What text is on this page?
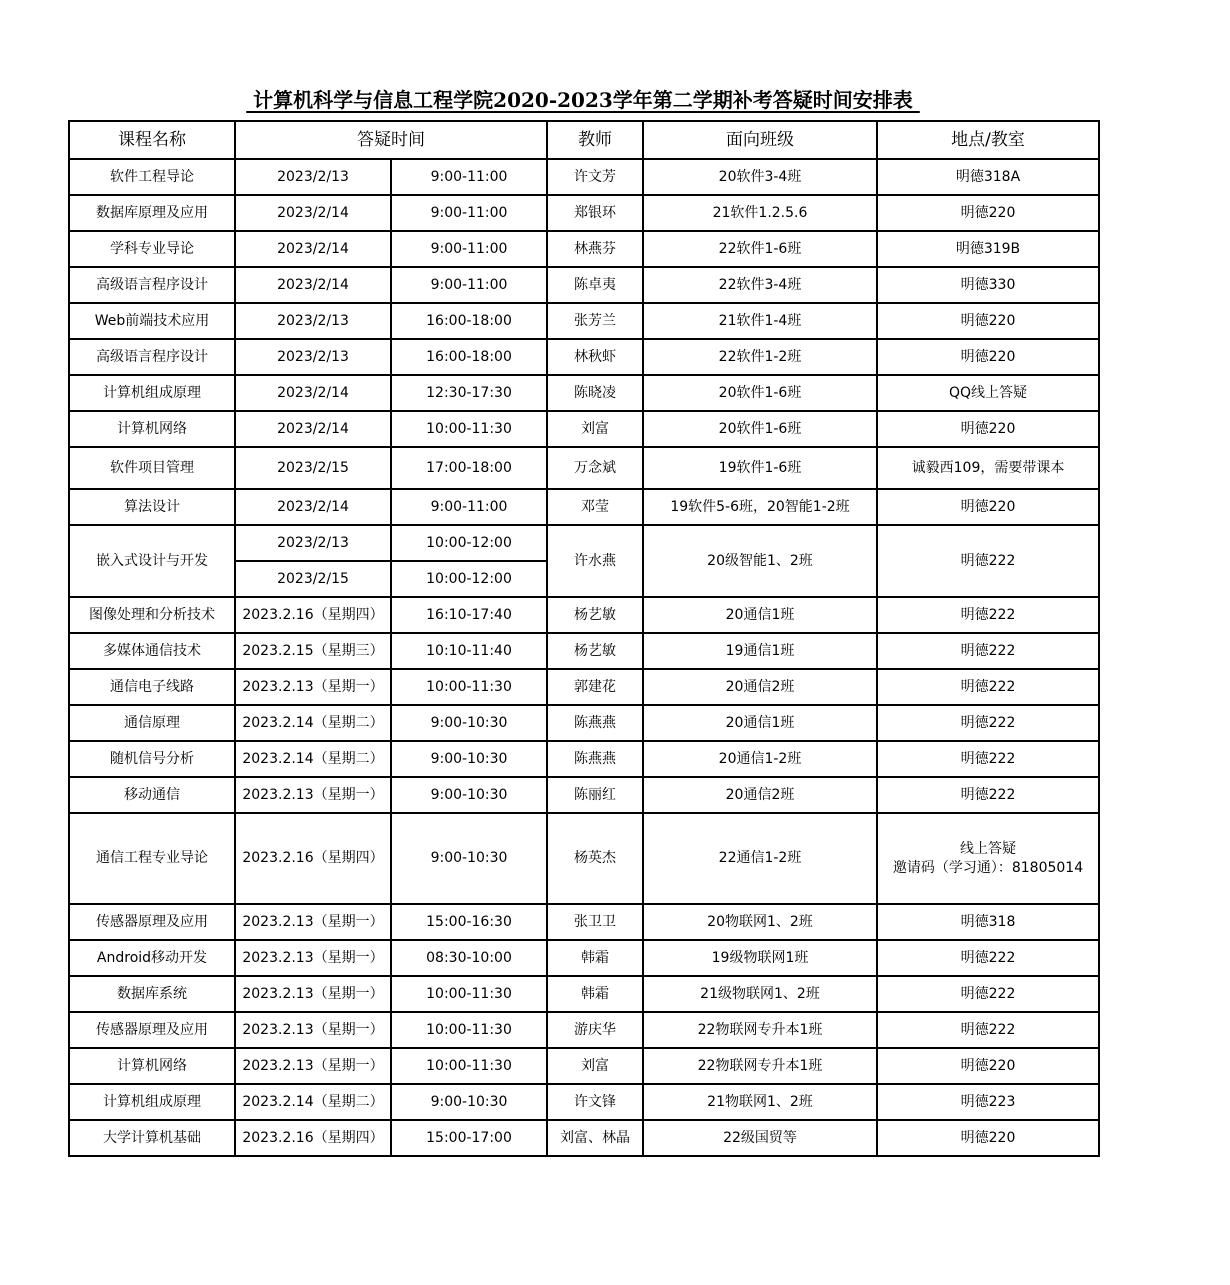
计算机科学与信息工程学院2020-2023学年第二学期补考答疑时间安排表
课程名称	答疑时间		教师	面向班级	地点/教室
软件工程导论	2023/2/13	9:00-11:00	许文芳	20软件3-4班	明德318A
数据库原理及应用	2023/2/14	9:00-11:00	郑银环	21软件1.2.5.6	明德220
学科专业导论	2023/2/14	9:00-11:00	林燕芬	22软件1-6班	明德319B
高级语言程序设计	2023/2/14	9:00-11:00	陈卓夷	22软件3-4班	明德330
Web前端技术应用	2023/2/13	16:00-18:00	张芳兰	21软件1-4班	明德220
高级语言程序设计	2023/2/13	16:00-18:00	林秋虾	22软件1-2班	明德220
计算机组成原理	2023/2/14	12:30-17:30	陈晓凌	20软件1-6班	QQ线上答疑
计算机网络	2023/2/14	10:00-11:30	刘富	20软件1-6班	明德220
软件项目管理	2023/2/15	17:00-18:00	万念斌	19软件1-6班	诚毅西109，需要带课本
算法设计	2023/2/14	9:00-11:00	邓莹	19软件5-6班，20智能1-2班	明德220
嵌入式设计与开发	2023/2/13	10:00-12:00	许水燕	20级智能1、2班	明德222
	2023/2/15	10:00-12:00			
图像处理和分析技术	2023.2.16（星期四）	16:10-17:40	杨艺敏	20通信1班	明德222
多媒体通信技术	2023.2.15（星期三）	10:10-11:40	杨艺敏	19通信1班	明德222
通信电子线路	2023.2.13（星期一）	10:00-11:30	郭建花	20通信2班	明德222
通信原理	2023.2.14（星期二）	9:00-10:30	陈燕燕	20通信1班	明德222
随机信号分析	2023.2.14（星期二）	9:00-10:30	陈燕燕	20通信1-2班	明德222
移动通信	2023.2.13（星期一）	9:00-10:30	陈丽红	20通信2班	明德222
通信工程专业导论	2023.2.16（星期四）	9:00-10:30	杨英杰	22通信1-2班	线上答疑
邀请码（学习通）：81805014
传感器原理及应用	2023.2.13（星期一）	15:00-16:30	张卫卫	20物联网1、2班	明德318
Android移动开发	2023.2.13（星期一）	08:30-10:00	韩霜	19级物联网1班	明德222
数据库系统	2023.2.13（星期一）	10:00-11:30	韩霜	21级物联网1、2班	明德222
传感器原理及应用	2023.2.13（星期一）	10:00-11:30	游庆华	22物联网专升本1班	明德222
计算机网络	2023.2.13（星期一）	10:00-11:30	刘富	22物联网专升本1班	明德220
计算机组成原理	2023.2.14（星期二）	9:00-10:30	许文锋	21物联网1、2班	明德223
大学计算机基础	2023.2.16（星期四）	15:00-17:00	刘富、林晶	22级国贸等	明德220
